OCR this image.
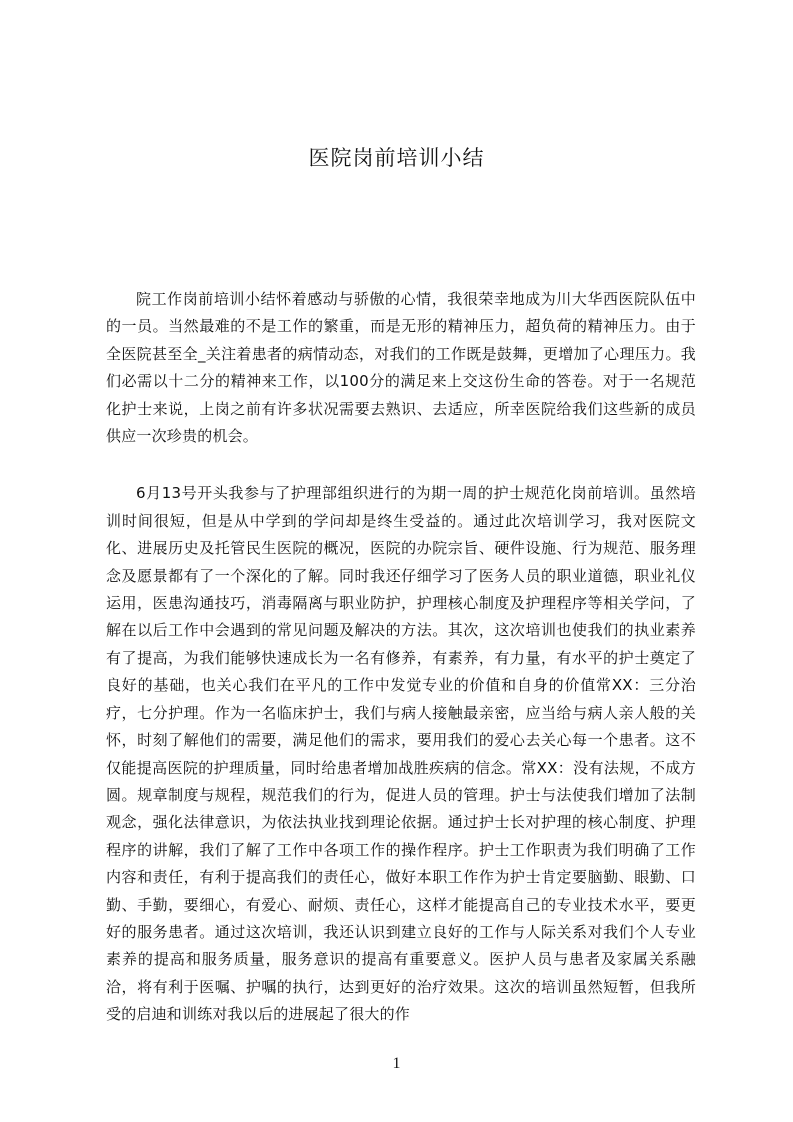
医院岗前培训小结

院工作岗前培训小结怀着感动与骄傲的心情，我很荣幸地成为川大华西医院队伍中的一员。当然最难的不是工作的繁重，而是无形的精神压力，超负荷的精神压力。由于全医院甚至全_关注着患者的病情动态，对我们的工作既是鼓舞，更增加了心理压力。我们必需以十二分的精神来工作，以100分的满足来上交这份生命的答卷。对于一名规范化护士来说，上岗之前有许多状况需要去熟识、去适应，所幸医院给我们这些新的成员供应一次珍贵的机会。

6月13号开头我参与了护理部组织进行的为期一周的护士规范化岗前培训。虽然培训时间很短，但是从中学到的学问却是终生受益的。通过此次培训学习，我对医院文化、进展历史及托管民生医院的概况，医院的办院宗旨、硬件设施、行为规范、服务理念及愿景都有了一个深化的了解。同时我还仔细学习了医务人员的职业道德，职业礼仪运用，医患沟通技巧，消毒隔离与职业防护，护理核心制度及护理程序等相关学问，了解在以后工作中会遇到的常见问题及解决的方法。其次，这次培训也使我们的执业素养有了提高，为我们能够快速成长为一名有修养，有素养，有力量，有水平的护士奠定了良好的基础，也关心我们在平凡的工作中发觉专业的价值和自身的价值常XX：三分治疗，七分护理。作为一名临床护士，我们与病人接触最亲密，应当给与病人亲人般的关怀，时刻了解他们的需要，满足他们的需求，要用我们的爱心去关心每一个患者。这不仅能提高医院的护理质量，同时给患者增加战胜疾病的信念。常XX：没有法规，不成方圆。规章制度与规程，规范我们的行为，促进人员的管理。护士与法使我们增加了法制观念，强化法律意识，为依法执业找到理论依据。通过护士长对护理的核心制度、护理程序的讲解，我们了解了工作中各项工作的操作程序。护士工作职责为我们明确了工作内容和责任，有利于提高我们的责任心，做好本职工作作为护士肯定要脑勤、眼勤、口勤、手勤，要细心，有爱心、耐烦、责任心，这样才能提高自己的专业技术水平，要更好的服务患者。通过这次培训，我还认识到建立良好的工作与人际关系对我们个人专业素养的提高和服务质量，服务意识的提高有重要意义。医护人员与患者及家属关系融洽，将有利于医嘱、护嘱的执行，达到更好的治疗效果。这次的培训虽然短暂，但我所受的启迪和训练对我以后的进展起了很大的作

1
